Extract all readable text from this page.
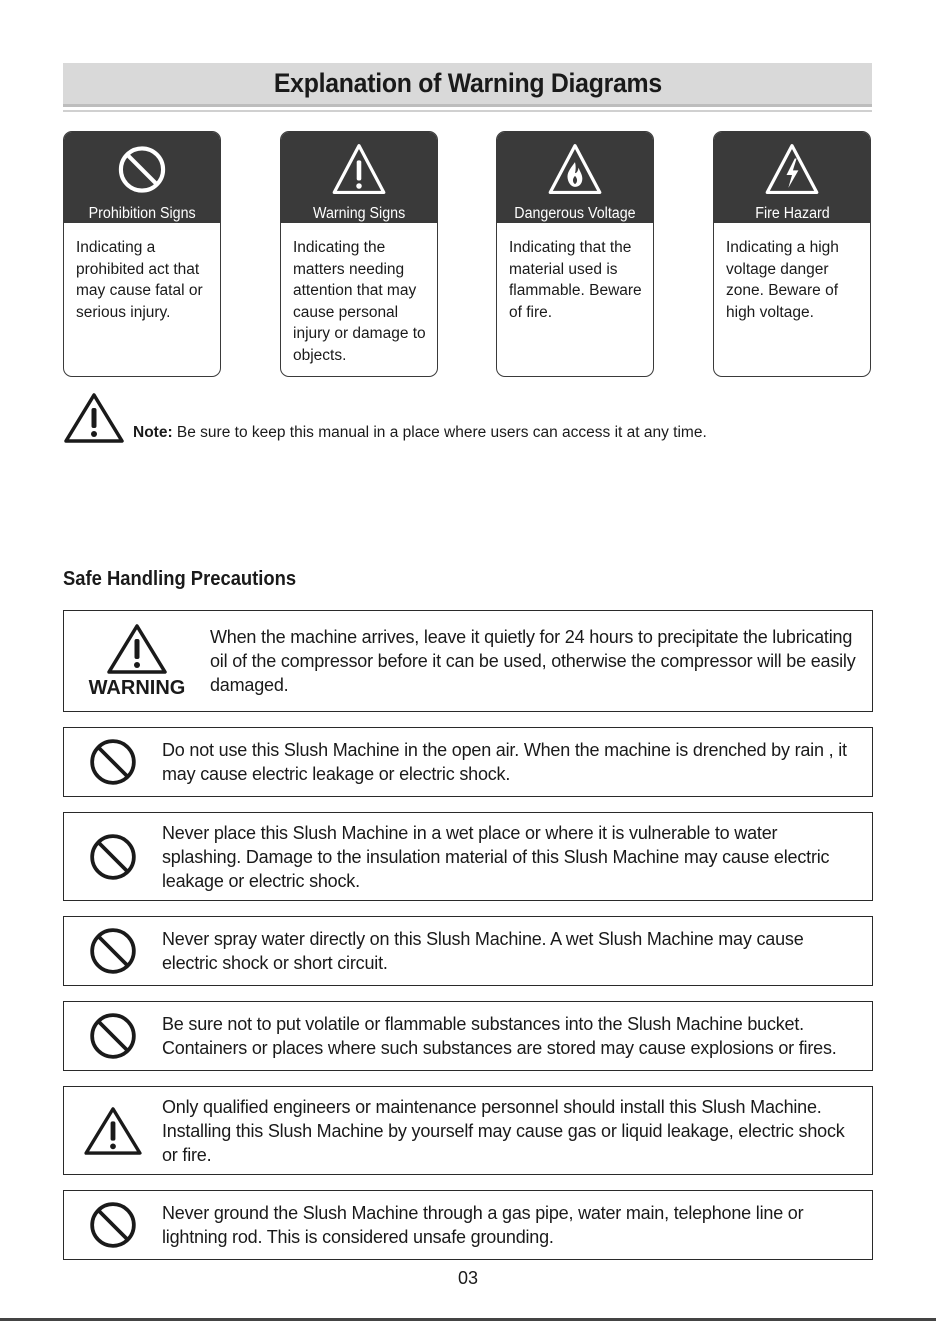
Explanation of Warning Diagrams
Prohibition Signs
Indicating a prohibited act that may cause fatal or serious injury.
Warning Signs
Indicating the matters needing attention that may cause personal injury or damage to objects.
Dangerous Voltage
Indicating that the material used is flammable. Beware of fire.
Fire Hazard
Indicating a high voltage danger zone. Beware of high voltage.
Note: Be sure to keep this manual in a place where users can access it at any time.
Safe Handling Precautions
WARNING
When the machine arrives, leave it quietly for 24 hours to precipitate the lubricating oil of the compressor before it can be used, otherwise the compressor will be easily damaged.
Do not use this Slush Machine in the open air. When the machine is drenched by rain , it may cause electric leakage or electric shock.
Never place this Slush Machine in a wet place or where it is vulnerable to water splashing. Damage to the insulation material of this Slush Machine may cause electric leakage or electric shock.
Never spray water directly on this Slush Machine. A wet Slush Machine may cause electric shock or short circuit.
Be sure not to put volatile or flammable substances into the Slush Machine bucket. Containers or places where such substances are stored may cause explosions or fires.
Only qualified engineers or maintenance personnel should install this Slush Machine. Installing this Slush Machine by yourself may cause gas or liquid leakage, electric shock or fire.
Never ground the Slush Machine through a gas pipe, water main, telephone line or lightning rod. This is considered unsafe grounding.
03
